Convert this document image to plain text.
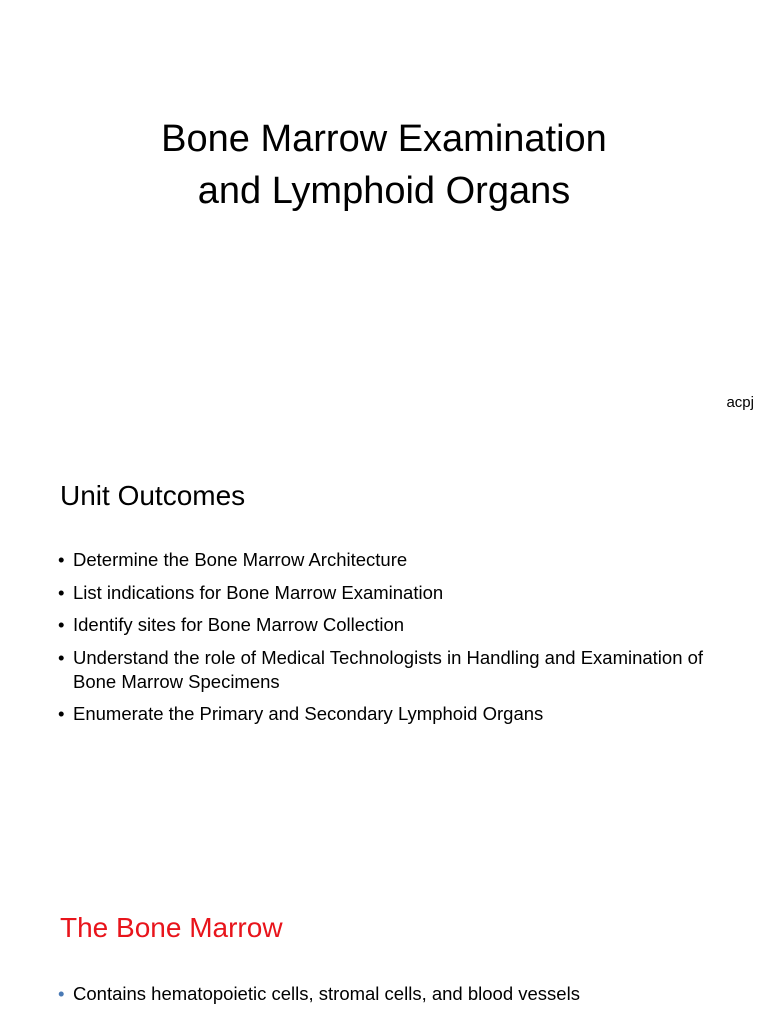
Bone Marrow Examination
and Lymphoid Organs
acpj
Unit Outcomes
• Determine the Bone Marrow Architecture
• List indications for Bone Marrow Examination
• Identify sites for Bone Marrow Collection
• Understand the role of Medical Technologists in Handling and Examination of Bone Marrow Specimens
• Enumerate the Primary and Secondary Lymphoid Organs
The Bone Marrow
• Contains hematopoietic cells, stromal cells, and blood vessels
